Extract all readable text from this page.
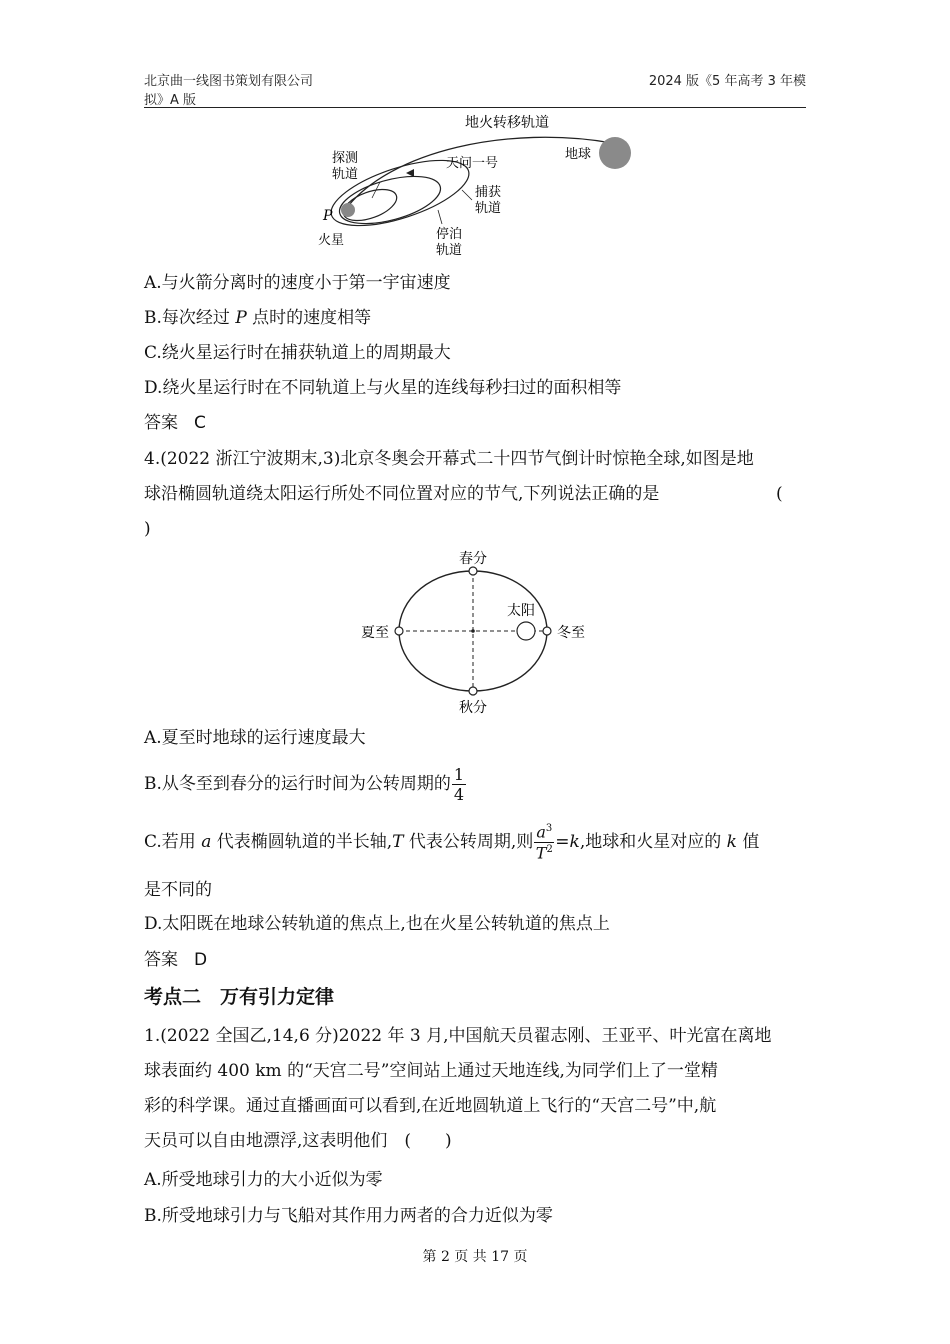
北京曲一线图书策划有限公司
拟》A 版
2024 版《5 年高考 3 年模
地火转移轨道
探测
轨道
天问一号
地球
捕获
轨道
P
火星	停泊
轨道
A.与火箭分离时的速度小于第一宇宙速度
B.每次经过 P 点时的速度相等
C.绕火星运行时在捕获轨道上的周期最大
D.绕火星运行时在不同轨道上与火星的连线每秒扫过的面积相等
答案 C
4.(2022 浙江宁波期末,3)北京冬奥会开幕式二十四节气倒计时惊艳全球,如图是地
球沿椭圆轨道绕太阳运行所处不同位置对应的节气,下列说法正确的是	(
)
春分
秋分
夏至	冬至
太阳
A.夏至时地球的运行速度最大
B.从冬至到春分的运行时间为公转周期的 $\frac{1}{4}$
C.若用 a 代表椭圆轨道的半长轴,T 代表公转周期,则 $\frac{a^3}{T^2} =k$,地球和火星对应的 k 值
是不同的
D.太阳既在地球公转轨道的焦点上,也在火星公转轨道的焦点上
答案 D
考点二　万有引力定律
1.(2022 全国乙,14,6 分)2022 年 3 月,中国航天员翟志刚、王亚平、叶光富在离地
球表面约 400 km 的“天宫二号”空间站上通过天地连线,为同学们上了一堂精
彩的科学课。通过直播画面可以看到,在近地圆轨道上飞行的“天宫二号”中,航
天员可以自由地漂浮,这表明他们　(　　)
A.所受地球引力的大小近似为零
B.所受地球引力与飞船对其作用力两者的合力近似为零
第 2 页 共 17 页
